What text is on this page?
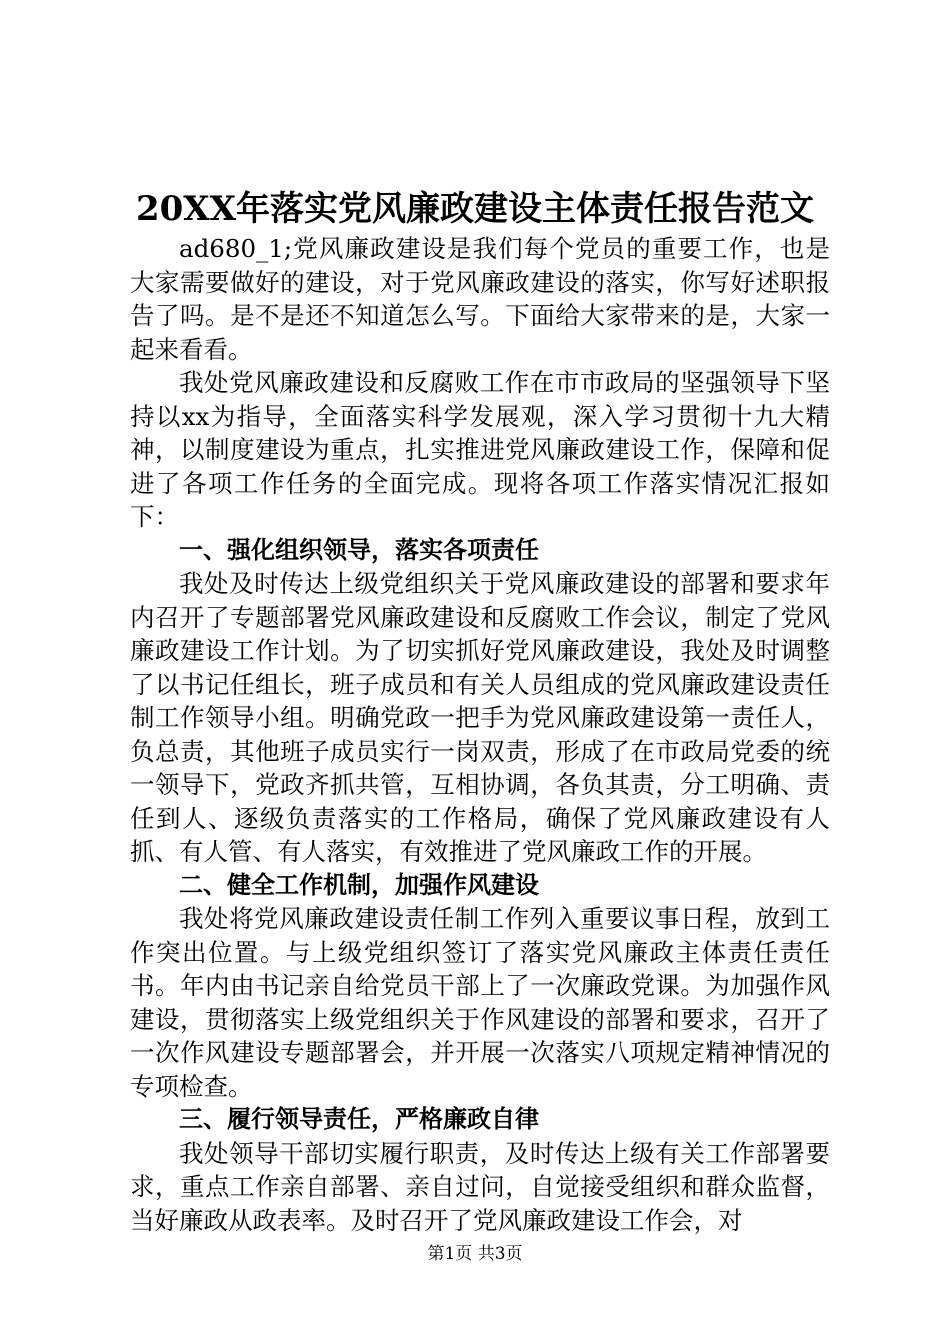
20XX年落实党风廉政建设主体责任报告范文

ad680_1;党风廉政建设是我们每个党员的重要工作，也是大家需要做好的建设，对于党风廉政建设的落实，你写好述职报告了吗。是不是还不知道怎么写。下面给大家带来的是，大家一起来看看。

我处党风廉政建设和反腐败工作在市市政局的坚强领导下坚持以xx为指导，全面落实科学发展观，深入学习贯彻十九大精神，以制度建设为重点，扎实推进党风廉政建设工作，保障和促进了各项工作任务的全面完成。现将各项工作落实情况汇报如下：

一、强化组织领导，落实各项责任

我处及时传达上级党组织关于党风廉政建设的部署和要求年内召开了专题部署党风廉政建设和反腐败工作会议，制定了党风廉政建设工作计划。为了切实抓好党风廉政建设，我处及时调整了以书记任组长，班子成员和有关人员组成的党风廉政建设责任制工作领导小组。明确党政一把手为党风廉政建设第一责任人，负总责，其他班子成员实行一岗双责，形成了在市政局党委的统一领导下，党政齐抓共管，互相协调，各负其责，分工明确、责任到人、逐级负责落实的工作格局，确保了党风廉政建设有人抓、有人管、有人落实，有效推进了党风廉政工作的开展。

二、健全工作机制，加强作风建设

我处将党风廉政建设责任制工作列入重要议事日程，放到工作突出位置。与上级党组织签订了落实党风廉政主体责任责任书。年内由书记亲自给党员干部上了一次廉政党课。为加强作风建设，贯彻落实上级党组织关于作风建设的部署和要求，召开了一次作风建设专题部署会，并开展一次落实八项规定精神情况的专项检查。

三、履行领导责任，严格廉政自律

我处领导干部切实履行职责，及时传达上级有关工作部署要求，重点工作亲自部署、亲自过问，自觉接受组织和群众监督，当好廉政从政表率。及时召开了党风廉政建设工作会，对

第1页 共3页
